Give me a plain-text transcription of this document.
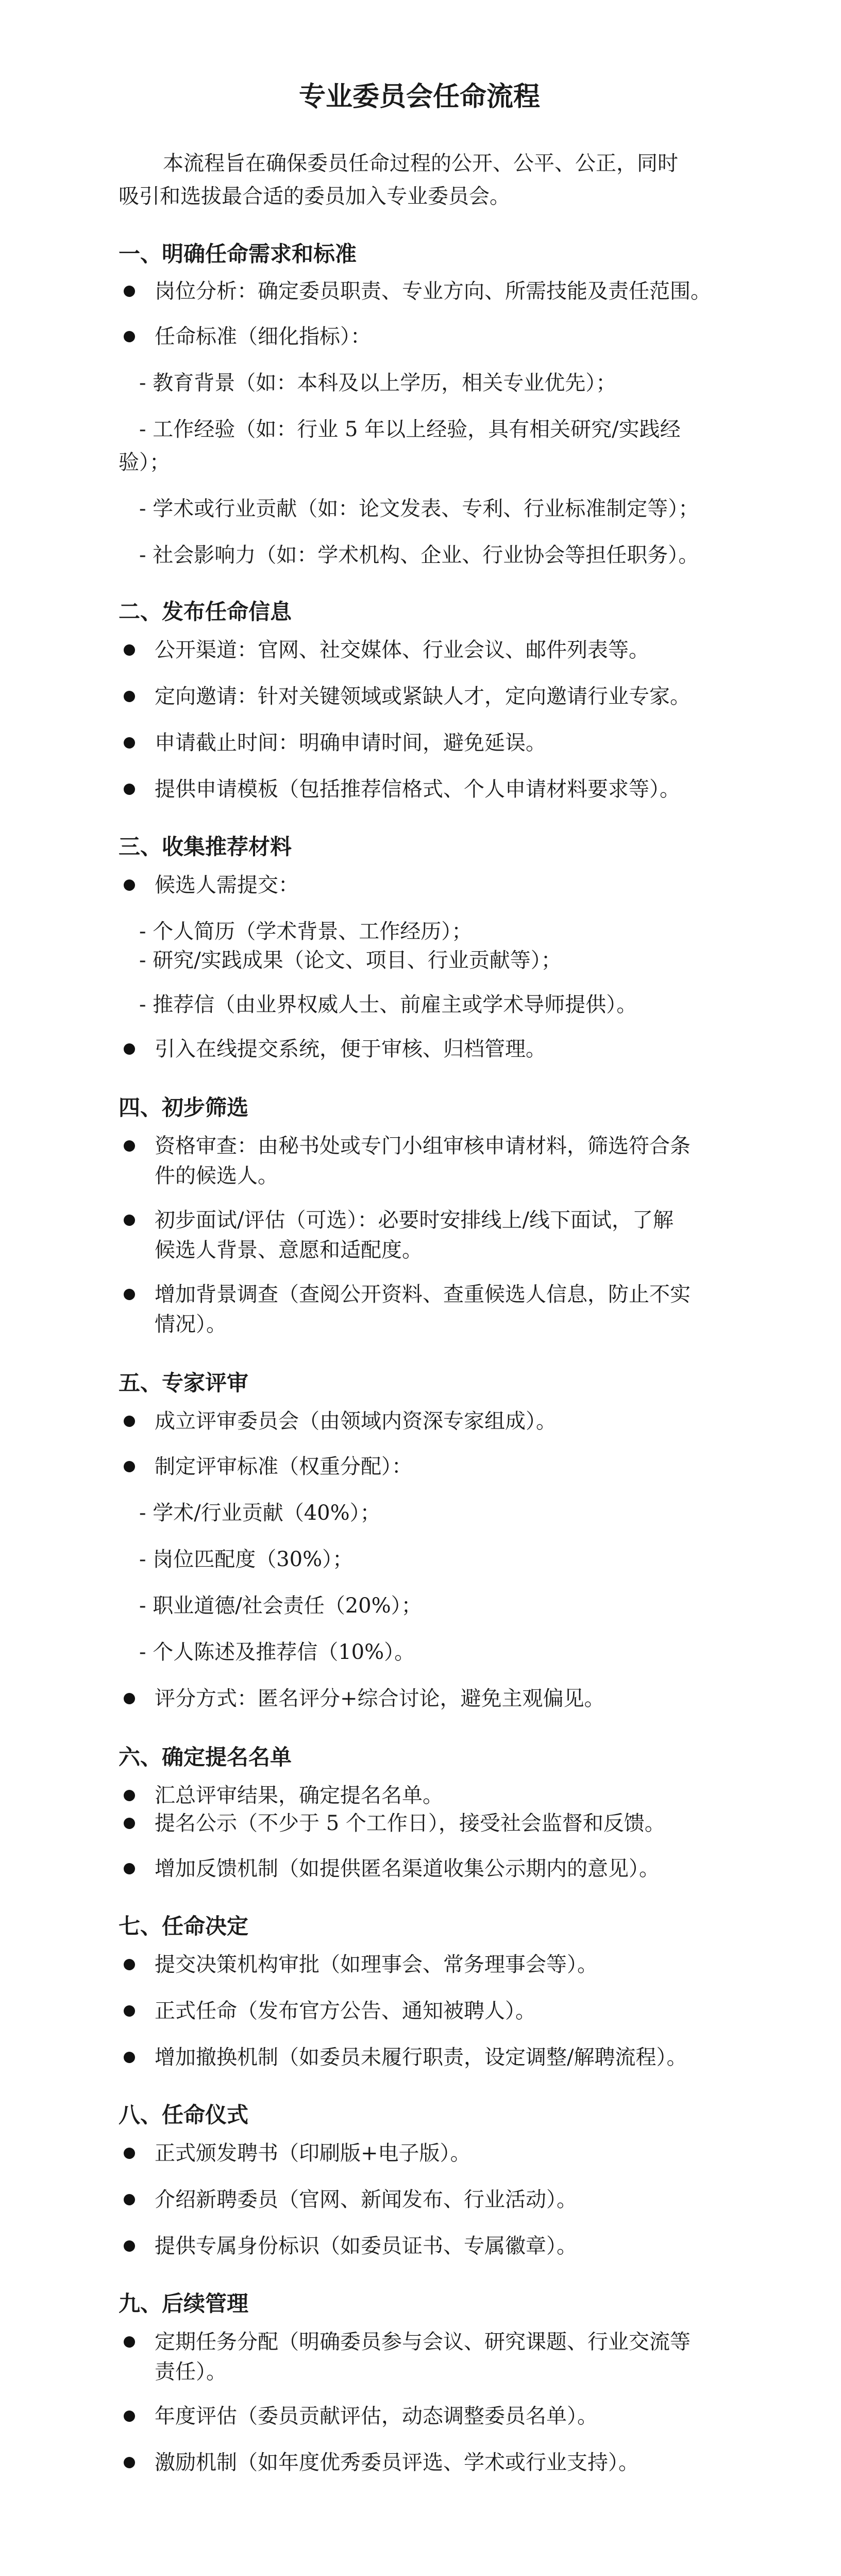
专业委员会任命流程
本流程旨在确保委员任命过程的公开、公平、公正，同时
吸引和选拔最合适的委员加入专业委员会。
一、明确任命需求和标准
岗位分析：确定委员职责、专业方向、所需技能及责任范围。
任命标准（细化指标）：
- 教育背景（如：本科及以上学历，相关专业优先）；
- 工作经验（如：行业 5 年以上经验，具有相关研究/实践经
验）；
- 学术或行业贡献（如：论文发表、专利、行业标准制定等）；
- 社会影响力（如：学术机构、企业、行业协会等担任职务）。
二、发布任命信息
公开渠道：官网、社交媒体、行业会议、邮件列表等。
定向邀请：针对关键领域或紧缺人才，定向邀请行业专家。
申请截止时间：明确申请时间，避免延误。
提供申请模板（包括推荐信格式、个人申请材料要求等）。
三、收集推荐材料
候选人需提交：
- 个人简历（学术背景、工作经历）；
- 研究/实践成果（论文、项目、行业贡献等）；
- 推荐信（由业界权威人士、前雇主或学术导师提供）。
引入在线提交系统，便于审核、归档管理。
四、初步筛选
资格审查：由秘书处或专门小组审核申请材料，筛选符合条
件的候选人。
初步面试/评估（可选）：必要时安排线上/线下面试，了解
候选人背景、意愿和适配度。
增加背景调查（查阅公开资料、查重候选人信息，防止不实
情况）。
五、专家评审
成立评审委员会（由领域内资深专家组成）。
制定评审标准（权重分配）：
- 学术/行业贡献（40%）；
- 岗位匹配度（30%）；
- 职业道德/社会责任（20%）；
- 个人陈述及推荐信（10%）。
评分方式：匿名评分+综合讨论，避免主观偏见。
六、确定提名名单
汇总评审结果，确定提名名单。
提名公示（不少于 5 个工作日），接受社会监督和反馈。
增加反馈机制（如提供匿名渠道收集公示期内的意见）。
七、任命决定
提交决策机构审批（如理事会、常务理事会等）。
正式任命（发布官方公告、通知被聘人）。
增加撤换机制（如委员未履行职责，设定调整/解聘流程）。
八、任命仪式
正式颁发聘书（印刷版+电子版）。
介绍新聘委员（官网、新闻发布、行业活动）。
提供专属身份标识（如委员证书、专属徽章）。
九、后续管理
定期任务分配（明确委员参与会议、研究课题、行业交流等
责任）。
年度评估（委员贡献评估，动态调整委员名单）。
激励机制（如年度优秀委员评选、学术或行业支持）。
